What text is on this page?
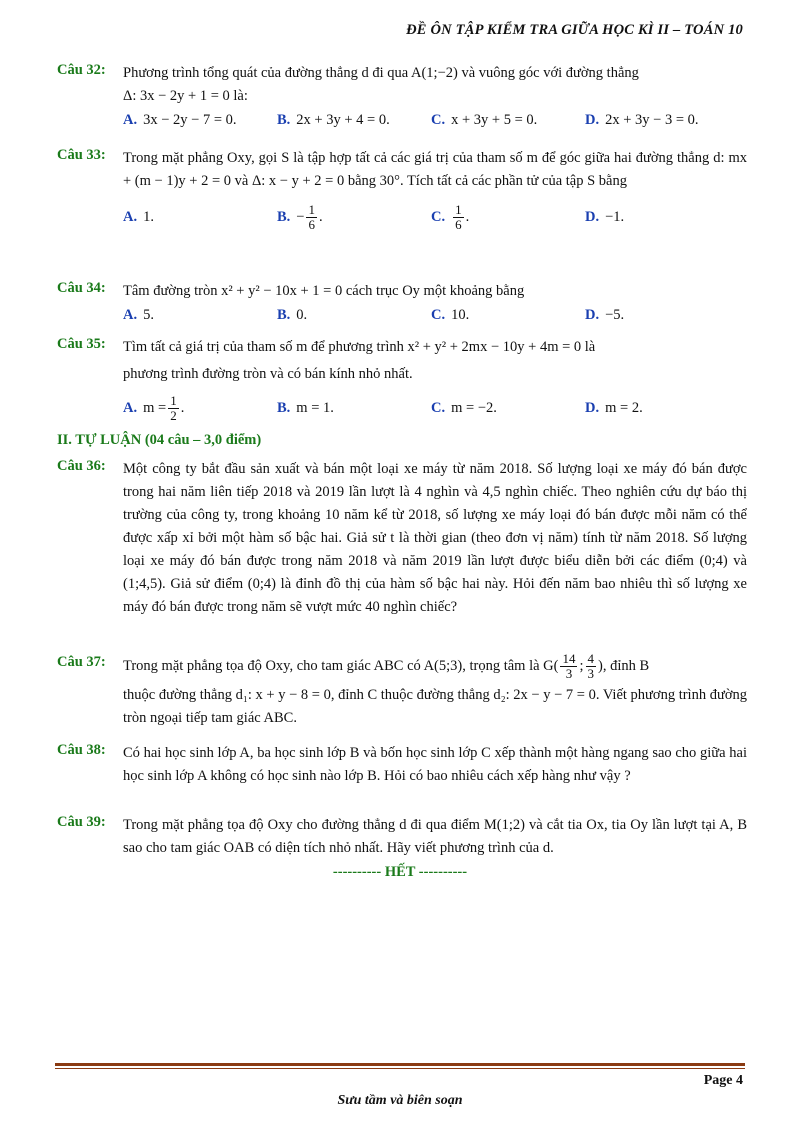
ĐỀ ÔN TẬP KIỂM TRA GIỮA HỌC KÌ II – TOÁN 10
Câu 32: Phương trình tổng quát của đường thẳng d đi qua A(1;−2) và vuông góc với đường thẳng
Δ: 3x − 2y + 1 = 0 là:
A. 3x − 2y − 7 = 0.	B. 2x + 3y + 4 = 0.	C. x + 3y + 5 = 0.	D. 2x + 3y − 3 = 0.
Câu 33: Trong mặt phẳng Oxy, gọi S là tập hợp tất cả các giá trị của tham số m để góc giữa hai đường thẳng d: mx + (m − 1)y + 2 = 0 và Δ: x − y + 2 = 0 bằng 30°. Tích tất cả các phần tử của tập S bằng
A. 1.	B. − $\frac{1}{6}$ .	C. $\frac{1}{6}$ .	D. −1.
Câu 34: Tâm đường tròn x² + y² − 10x + 1 = 0 cách trục Oy một khoảng bằng
A. 5.	B. 0.	C. 10.	D. −5.
Câu 35: Tìm tất cả giá trị của tham số m để phương trình x² + y² + 2mx − 10y + 4m = 0 là
phương trình đường tròn và có bán kính nhỏ nhất.
A. $m = \frac{1}{2}$ .	B. m = 1.	C. m = −2.	D. m = 2.
II. TỰ LUẬN (04 câu – 3,0 điểm)
Câu 36: Một công ty bắt đầu sản xuất và bán một loại xe máy từ năm 2018. Số lượng loại xe máy đó bán được trong hai năm liên tiếp 2018 và 2019 lần lượt là 4 nghìn và 4,5 nghìn chiếc. Theo nghiên cứu dự báo thị trường của công ty, trong khoảng 10 năm kể từ 2018, số lượng xe máy loại đó bán được mỗi năm có thể được xấp xỉ bởi một hàm số bậc hai. Giả sử t là thời gian (theo đơn vị năm) tính từ năm 2018. Số lượng loại xe máy đó bán được trong năm 2018 và năm 2019 lần lượt được biểu diễn bởi các điểm (0;4) và (1;4,5). Giả sử điểm (0;4) là đỉnh đồ thị của hàm số bậc hai này. Hỏi đến năm bao nhiêu thì số lượng xe máy đó bán được trong năm sẽ vượt mức 40 nghìn chiếc?
Câu 37: Trong mặt phẳng tọa độ Oxy, cho tam giác ABC có A(5;3), trọng tâm là $G( \frac{14}{3}$ ; $\frac{4}{3}$ ), đỉnh B
thuộc đường thẳng d₁: x + y − 8 = 0, đỉnh C thuộc đường thẳng d₂: 2x − y − 7 = 0. Viết phương trình đường tròn ngoại tiếp tam giác ABC.
Câu 38: Có hai học sinh lớp A, ba học sinh lớp B và bốn học sinh lớp C xếp thành một hàng ngang sao cho giữa hai học sinh lớp A không có học sinh nào lớp B. Hỏi có bao nhiêu cách xếp hàng như vậy ?
Câu 39: Trong mặt phẳng tọa độ Oxy cho đường thẳng d đi qua điểm M(1;2) và cắt tia Ox, tia Oy lần lượt tại A, B sao cho tam giác OAB có diện tích nhỏ nhất. Hãy viết phương trình của d.
---------- HẾT ----------
Page 4
Sưu tầm và biên soạn
